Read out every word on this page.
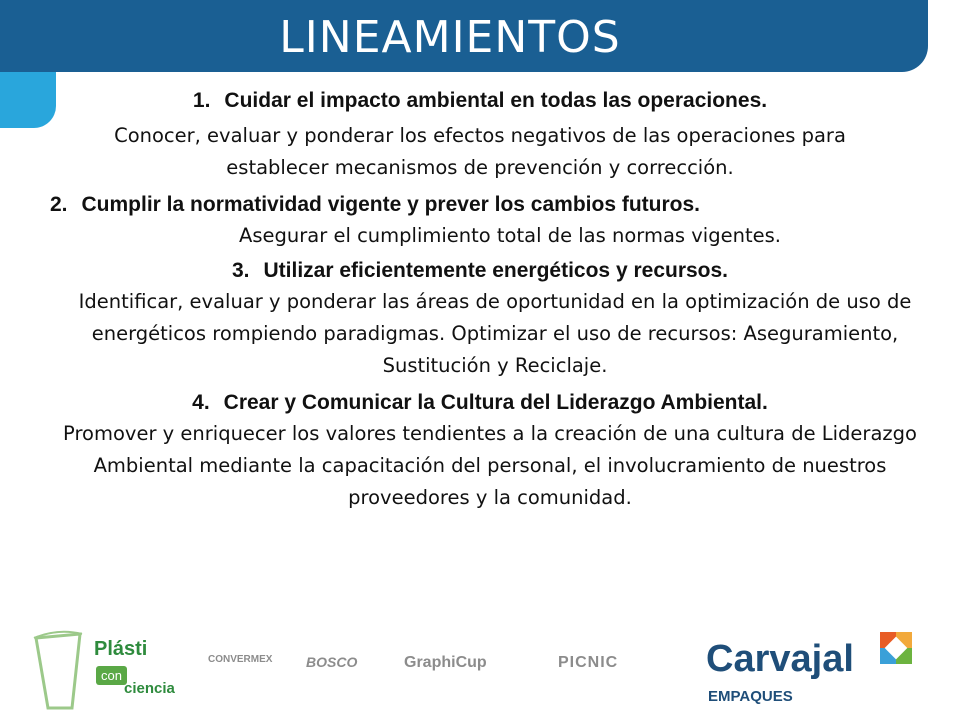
LINEAMIENTOS

1. Cuidar el impacto ambiental en todas las operaciones.

Conocer, evaluar y ponderar los efectos negativos de las operaciones para establecer mecanismos de prevención y corrección.

2. Cumplir la normatividad vigente y prever los cambios futuros.

Asegurar el cumplimiento total de las normas vigentes.

3. Utilizar eficientemente energéticos y recursos.

Identificar, evaluar y ponderar las áreas de oportunidad en la optimización de uso de energéticos rompiendo paradigmas. Optimizar el uso de recursos: Aseguramiento, Sustitución y Reciclaje.

4. Crear y Comunicar la Cultura del Liderazgo Ambiental.

Promover y enriquecer los valores tendientes a la creación de una cultura de Liderazgo Ambiental mediante la capacitación del personal, el involucramiento de nuestros proveedores y la comunidad.

Plásti
con
ciencia
CONVERMEX BOSCO	GraphiCup	PICNIC Carvajal
EMPAQUES
